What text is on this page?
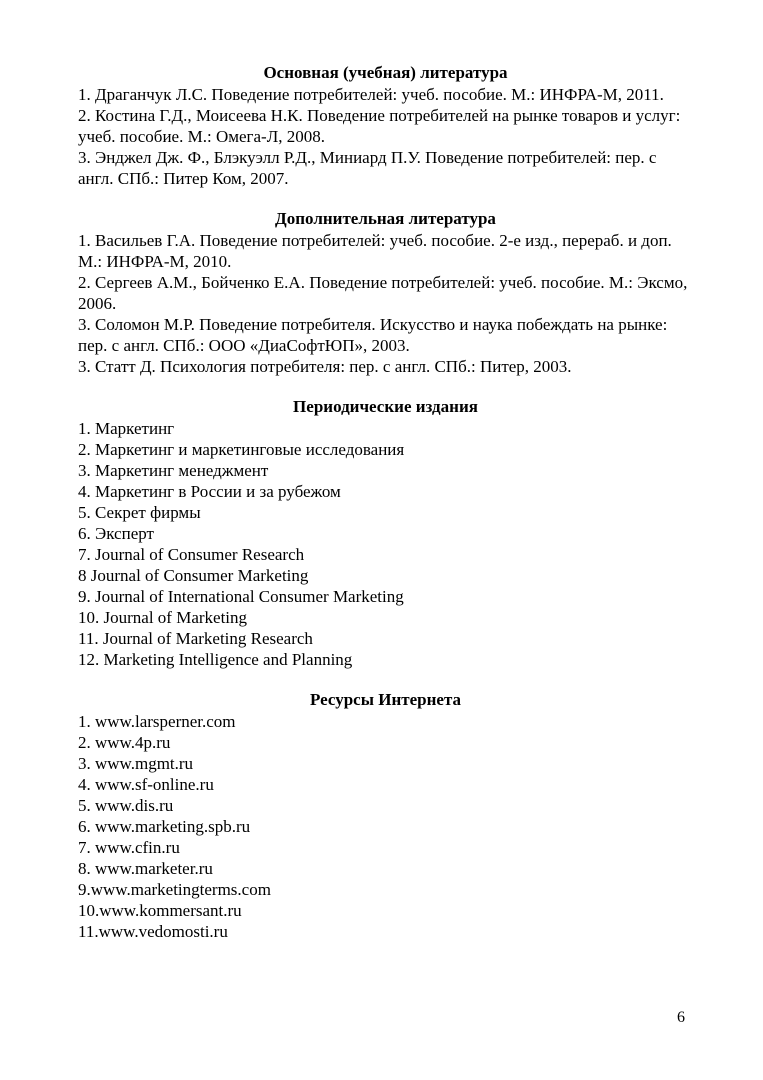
Основная (учебная) литература

1. Драганчук Л.С. Поведение потребителей: учеб. пособие. М.: ИНФРА-М, 2011.

2. Костина Г.Д., Моисеева Н.К. Поведение потребителей на рынке товаров и услуг: учеб. пособие. М.: Омега-Л, 2008.

3. Энджел Дж. Ф., Блэкуэлл Р.Д., Миниард П.У. Поведение потребителей: пер. с англ. СПб.: Питер Ком, 2007.

Дополнительная литература

1. Васильев Г.А. Поведение потребителей: учеб. пособие. 2-е изд., перераб. и доп. М.: ИНФРА-М, 2010.

2. Сергеев А.М., Бойченко Е.А. Поведение потребителей: учеб. пособие. М.: Эксмо, 2006.

3. Соломон М.Р. Поведение потребителя. Искусство и наука побеждать на рынке: пер. с англ. СПб.: ООО «ДиаСофтЮП», 2003.

3. Статт Д. Психология потребителя: пер. с англ. СПб.: Питер, 2003.

Периодические издания

1. Маркетинг

2. Маркетинг и маркетинговые исследования

3. Маркетинг менеджмент

4. Маркетинг в России и за рубежом

5. Секрет фирмы

6. Эксперт

7. Journal of Consumer Research

8 Journal of Consumer Marketing

9. Journal of International Consumer Marketing

10. Journal of Marketing

11. Journal of Marketing Research

12. Marketing Intelligence and Planning

Ресурсы Интернета

1. www.larsperner.com

2. www.4p.ru

3. www.mgmt.ru

4. www.sf-online.ru

5. www.dis.ru

6. www.marketing.spb.ru

7. www.cfin.ru

8. www.marketer.ru

9.www.marketingterms.com

10.www.kommersant.ru

11.www.vedomosti.ru

6
